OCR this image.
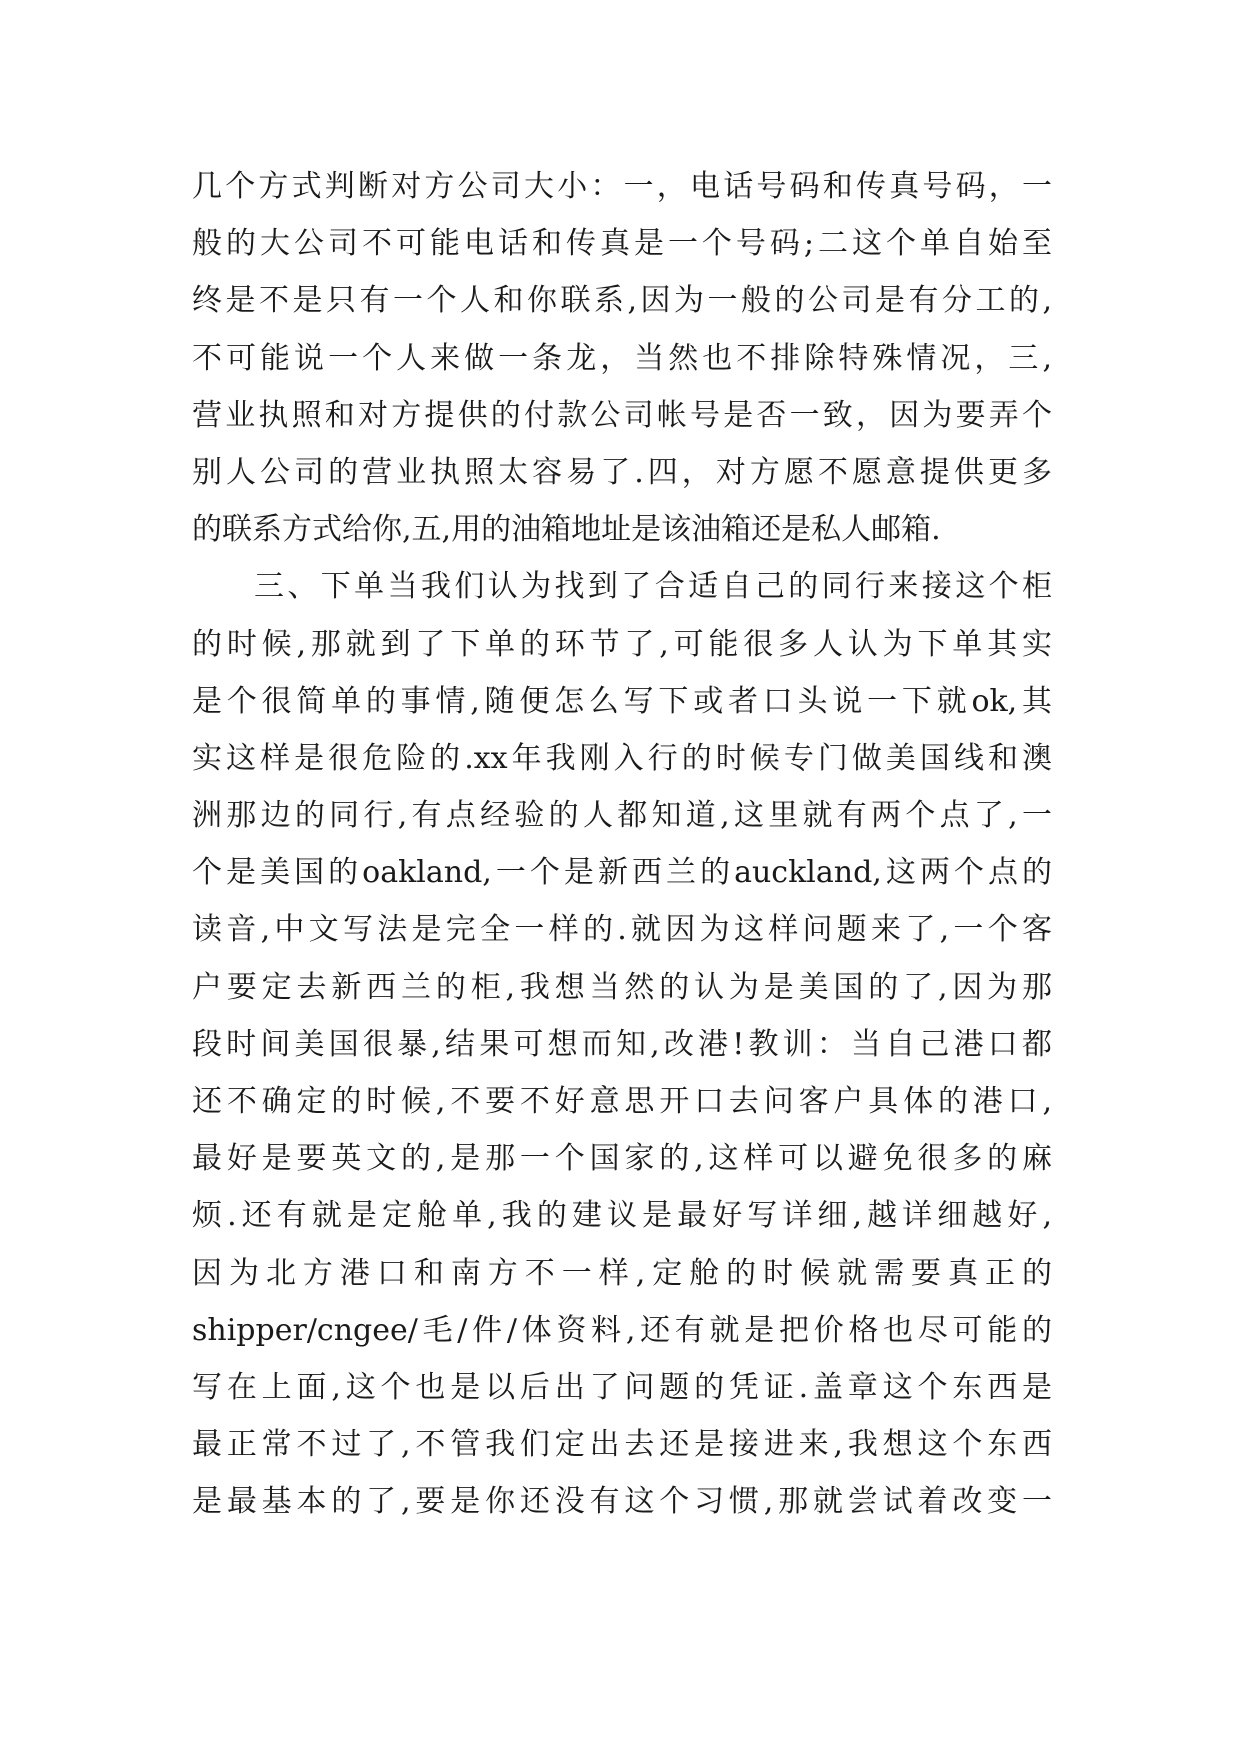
几个方式判断对方公司大小：一，电话号码和传真号码，一
般的大公司不可能电话和传真是一个号码;二这个单自始至
终是不是只有一个人和你联系,因为一般的公司是有分工的,
不可能说一个人来做一条龙，当然也不排除特殊情况，三,
营业执照和对方提供的付款公司帐号是否一致，因为要弄个
别人公司的营业执照太容易了.四，对方愿不愿意提供更多
的联系方式给你,五,用的油箱地址是该油箱还是私人邮箱.
三、下单当我们认为找到了合适自己的同行来接这个柜
的时候,那就到了下单的环节了,可能很多人认为下单其实
是个很简单的事情,随便怎么写下或者口头说一下就ok,其
实这样是很危险的.xx年我刚入行的时候专门做美国线和澳
洲那边的同行,有点经验的人都知道,这里就有两个点了,一
个是美国的oakland,一个是新西兰的auckland,这两个点的
读音,中文写法是完全一样的.就因为这样问题来了,一个客
户要定去新西兰的柜,我想当然的认为是美国的了,因为那
段时间美国很暴,结果可想而知,改港!教训：当自己港口都
还不确定的时候,不要不好意思开口去问客户具体的港口,
最好是要英文的,是那一个国家的,这样可以避免很多的麻
烦.还有就是定舱单,我的建议是最好写详细,越详细越好,
因为北方港口和南方不一样,定舱的时候就需要真正的
shipper/cngee/毛/件/体资料,还有就是把价格也尽可能的
写在上面,这个也是以后出了问题的凭证.盖章这个东西是
最正常不过了,不管我们定出去还是接进来,我想这个东西
是最基本的了,要是你还没有这个习惯,那就尝试着改变一
